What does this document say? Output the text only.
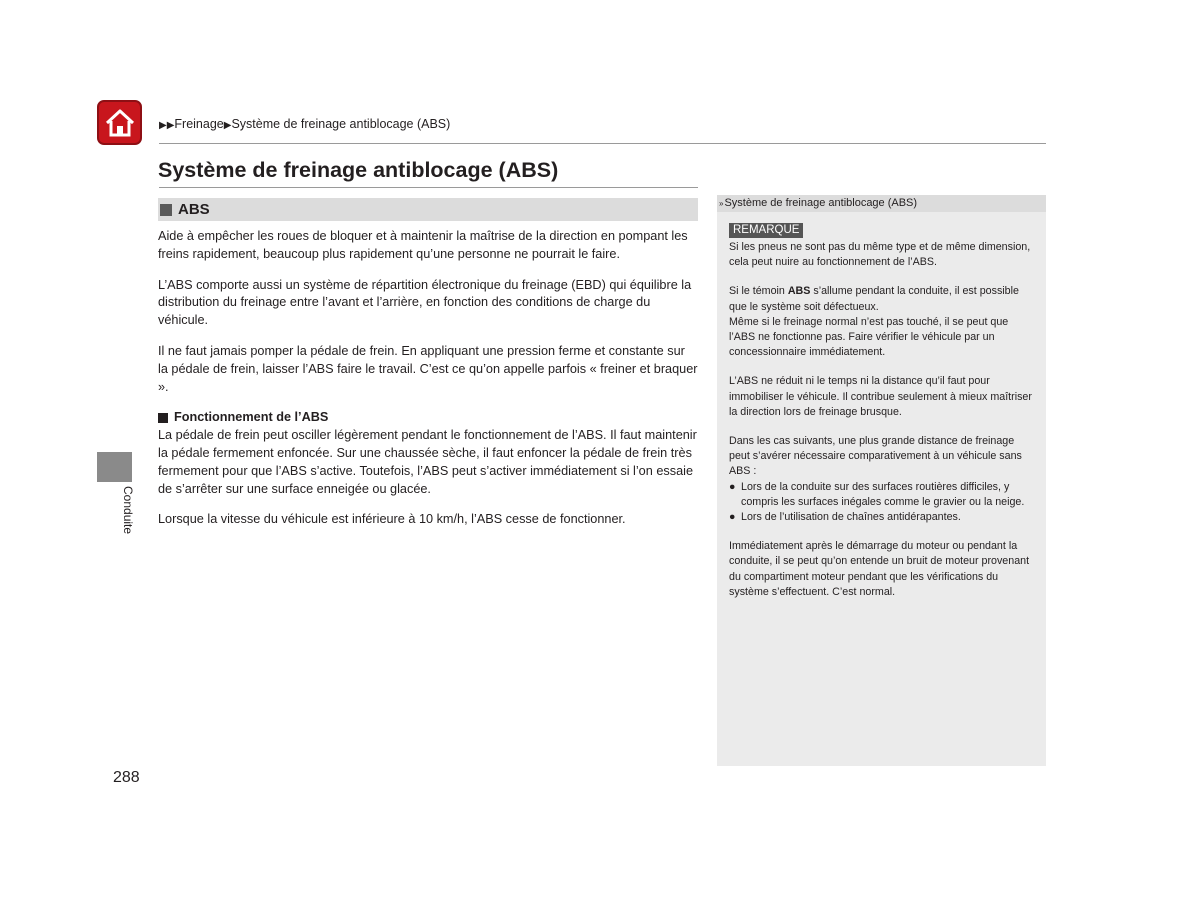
▶▶Freinage▶Système de freinage antiblocage (ABS)
Système de freinage antiblocage (ABS)
ABS

Aide à empêcher les roues de bloquer et à maintenir la maîtrise de la direction en pompant les freins rapidement, beaucoup plus rapidement qu’une personne ne pourrait le faire.

L’ABS comporte aussi un système de répartition électronique du freinage (EBD) qui équilibre la distribution du freinage entre l’avant et l’arrière, en fonction des conditions de charge du véhicule.

Il ne faut jamais pomper la pédale de frein. En appliquant une pression ferme et constante sur la pédale de frein, laisser l’ABS faire le travail. C’est ce qu’on appelle parfois « freiner et braquer ».

Fonctionnement de l’ABS

La pédale de frein peut osciller légèrement pendant le fonctionnement de l’ABS. Il faut maintenir la pédale fermement enfoncée. Sur une chaussée sèche, il faut enfoncer la pédale de frein très fermement pour que l’ABS s’active. Toutefois, l’ABS peut s’activer immédiatement si l’on essaie de s’arrêter sur une surface enneigée ou glacée.

Lorsque la vitesse du véhicule est inférieure à 10 km/h, l’ABS cesse de fonctionner.

Conduite
288
» Système de freinage antiblocage (ABS)
REMARQUE

Si les pneus ne sont pas du même type et de même dimension, cela peut nuire au fonctionnement de l’ABS.

Si le témoin ABS s’allume pendant la conduite, il est possible que le système soit défectueux.

Même si le freinage normal n’est pas touché, il se peut que l’ABS ne fonctionne pas. Faire vérifier le véhicule par un concessionnaire immédiatement.

L’ABS ne réduit ni le temps ni la distance qu’il faut pour immobiliser le véhicule. Il contribue seulement à mieux maîtriser la direction lors de freinage brusque.

Dans les cas suivants, une plus grande distance de freinage peut s’avérer nécessaire comparativement à un véhicule sans ABS :

● Lors de la conduite sur des surfaces routières difficiles, y compris les surfaces inégales comme le gravier ou la neige.
● Lors de l’utilisation de chaînes antidérapantes.

Immédiatement après le démarrage du moteur ou pendant la conduite, il se peut qu’on entende un bruit de moteur provenant du compartiment moteur pendant que les vérifications du système s’effectuent. C’est normal.
